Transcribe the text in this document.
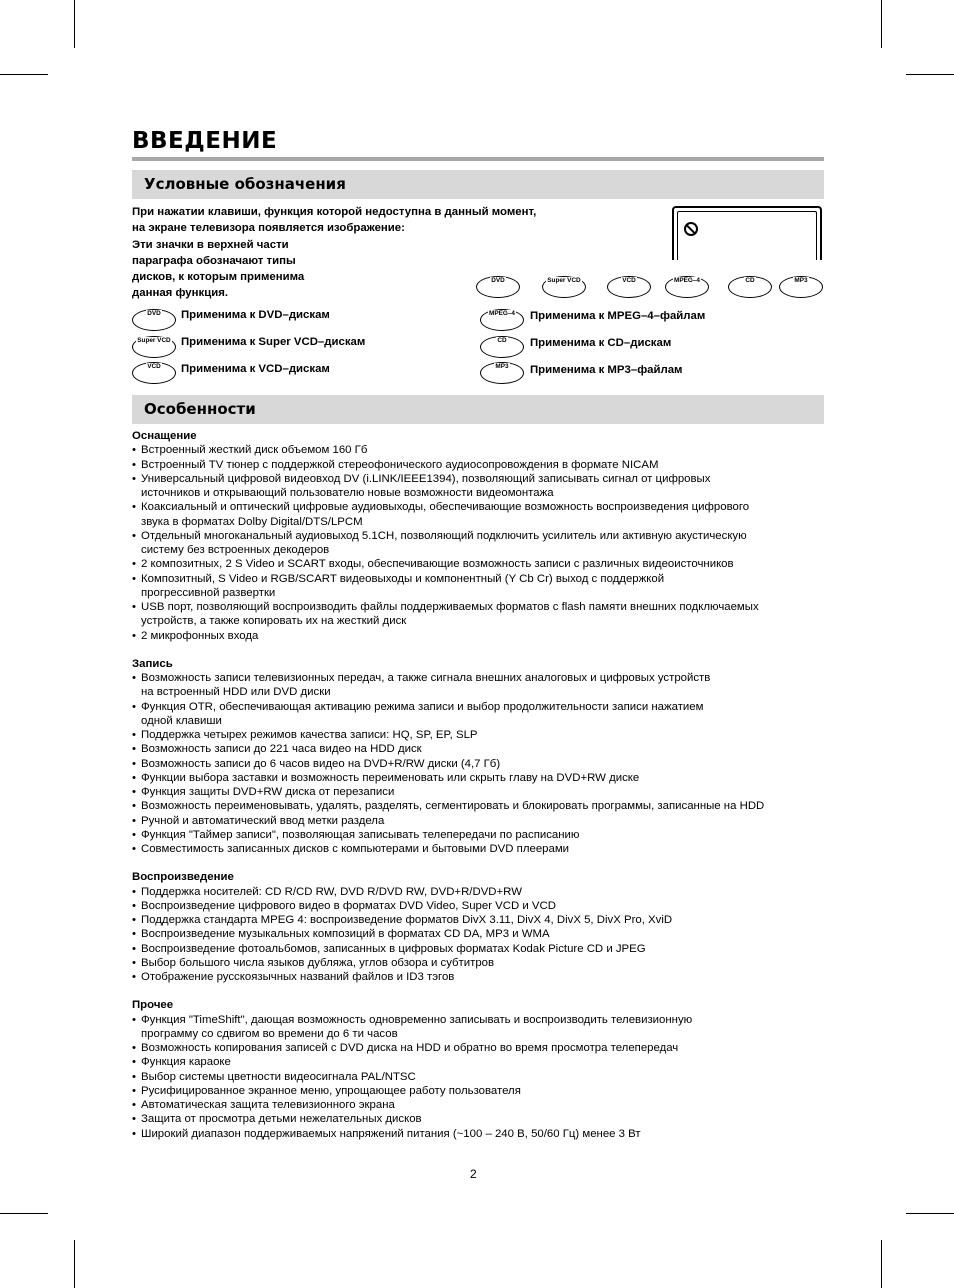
ВВЕДЕНИЕ
Условные обозначения
При нажатии клавиши, функция которой недоступна в данный момент,
на экране телевизора появляется изображение:
Эти значки в верхней части
параграфа обозначают типы
дисков, к которым применима
данная функция.
DVD	Super VCD	VCD	MPEG–4	CD	MP3
DVD	Применима к DVD–дискам
Super VCD Применима к Super VCD–дискам
VCD	Применима к VCD–дискам
MPEG–4	Применима к MPEG–4–файлам
CD	Применима к CD–дискам
MP3	Применима к MP3–файлам
Особенности
Оснащение
• Встроенный жесткий диск объемом 160 Гб
• Встроенный TV тюнер с поддержкой стереофонического аудиосопровождения в формате NICAM
• Универсальный цифровой видеовход DV (i.LINK/IEEE1394), позволяющий записывать сигнал от цифровых
источников и открывающий пользователю новые возможности видеомонтажа
• Коаксиальный и оптический цифровые аудиовыходы, обеспечивающие возможность воспроизведения цифрового
звука в форматах Dolby Digital/DTS/LPCM
• Отдельный многоканальный аудиовыход 5.1CH, позволяющий подключить усилитель или активную акустическую
систему без встроенных декодеров
• 2 композитных, 2 S Video и SCART входы, обеспечивающие возможность записи с различных видеоисточников
• Композитный, S Video и RGB/SCART видеовыходы и компонентный (Y Cb Cr) выход с поддержкой
прогрессивной развертки
• USB порт, позволяющий воспроизводить файлы поддерживаемых форматов с flash памяти внешних подключаемых
устройств, а также копировать их на жесткий диск
• 2 микрофонных входа
Запись
• Возможность записи телевизионных передач, а также сигнала внешних аналоговых и цифровых устройств
на встроенный HDD или DVD диски
• Функция OTR, обеспечивающая активацию режима записи и выбор продолжительности записи нажатием
одной клавиши
• Поддержка четырех режимов качества записи: HQ, SP, EP, SLP
• Возможность записи до 221 часа видео на HDD диск
• Возможность записи до 6 часов видео на DVD+R/RW диски (4,7 Гб)
• Функции выбора заставки и возможность переименовать или скрыть главу на DVD+RW диске
• Функция защиты DVD+RW диска от перезаписи
• Возможность переименовывать, удалять, разделять, сегментировать и блокировать программы, записанные на HDD
• Ручной и автоматический ввод метки раздела
• Функция "Таймер записи", позволяющая записывать телепередачи по расписанию
• Совместимость записанных дисков с компьютерами и бытовыми DVD плеерами
Воспроизведение
• Поддержка носителей: CD R/CD RW, DVD R/DVD RW, DVD+R/DVD+RW
• Воспроизведение цифрового видео в форматах DVD Video, Super VCD и VCD
• Поддержка стандарта MPEG 4: воспроизведение форматов DivX 3.11, DivX 4, DivX 5, DivX Pro, XviD
• Воспроизведение музыкальных композиций в форматах CD DA, MP3 и WMA
• Воспроизведение фотоальбомов, записанных в цифровых форматах Kodak Picture CD и JPEG
• Выбор большого числа языков дубляжа, углов обзора и субтитров
• Отображение русскоязычных названий файлов и ID3 тэгов
Прочее
• Функция "TimeShift", дающая возможность одновременно записывать и воспроизводить телевизионную
программу со сдвигом во времени до 6 ти часов
• Возможность копирования записей с DVD диска на HDD и обратно во время просмотра телепередач
• Функция караоке
• Выбор системы цветности видеосигнала PAL/NTSC
• Русифицированное экранное меню, упрощающее работу пользователя
• Автоматическая защита телевизионного экрана
• Защита от просмотра детьми нежелательных дисков
• Широкий диапазон поддерживаемых напряжений питания (~100 – 240 В, 50/60 Гц) менее 3 Вт
2
